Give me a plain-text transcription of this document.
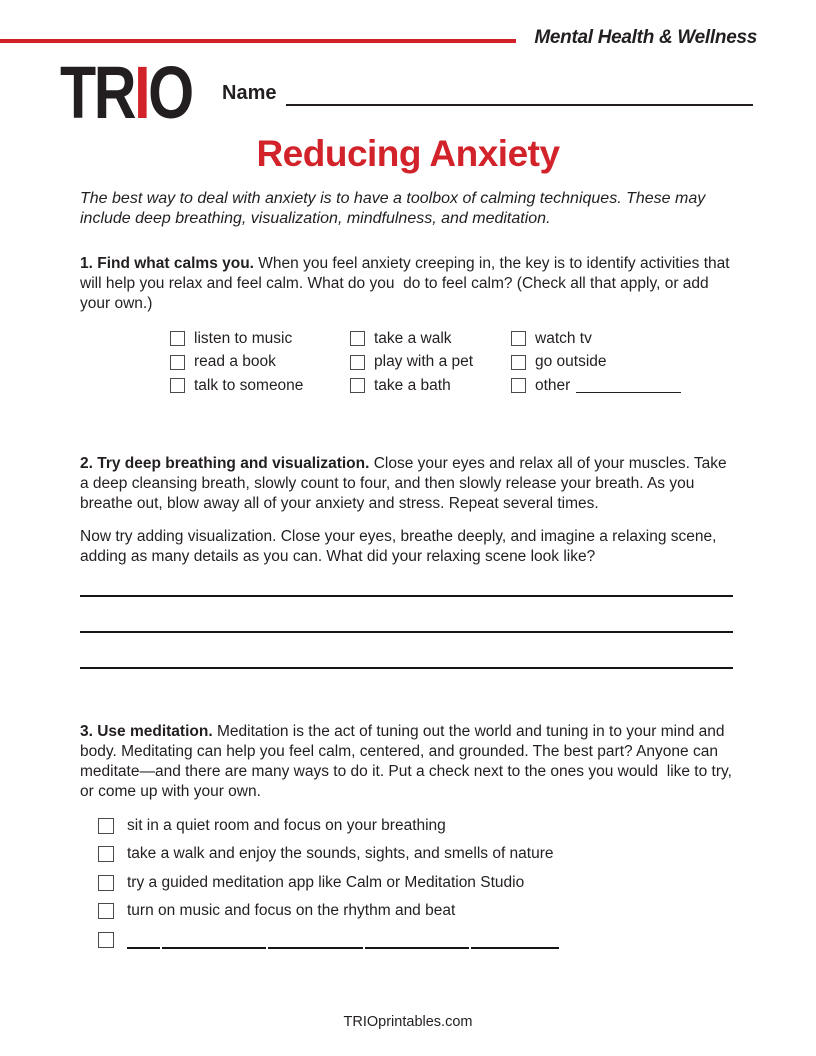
Mental Health & Wellness
TRIO Name
Reducing Anxiety

The best way to deal with anxiety is to have a toolbox of calming techniques. These may include deep breathing, visualization, mindfulness, and meditation.

1. Find what calms you. When you feel anxiety creeping in, the key is to identify activities that will help you relax and feel calm. What do you  do to feel calm? (Check all that apply, or add your own.)

listen to music
read a book
talk to someone
take a walk
play with a pet
take a bath
watch tv
go outside
other

2. Try deep breathing and visualization. Close your eyes and relax all of your muscles. Take a deep cleansing breath, slowly count to four, and then slowly release your breath. As you breathe out, blow away all of your anxiety and stress. Repeat several times.

Now try adding visualization. Close your eyes, breathe deeply, and imagine a relaxing scene, adding as many details as you can. What did your relaxing scene look like?

3. Use meditation. Meditation is the act of tuning out the world and tuning in to your mind and body. Meditating can help you feel calm, centered, and grounded. The best part? Anyone can meditate—and there are many ways to do it. Put a check next to the ones you would  like to try, or come up with your own.

sit in a quiet room and focus on your breathing
take a walk and enjoy the sounds, sights, and smells of nature
try a guided meditation app like Calm or Meditation Studio
turn on music and focus on the rhythm and beat
TRIOprintables.com
